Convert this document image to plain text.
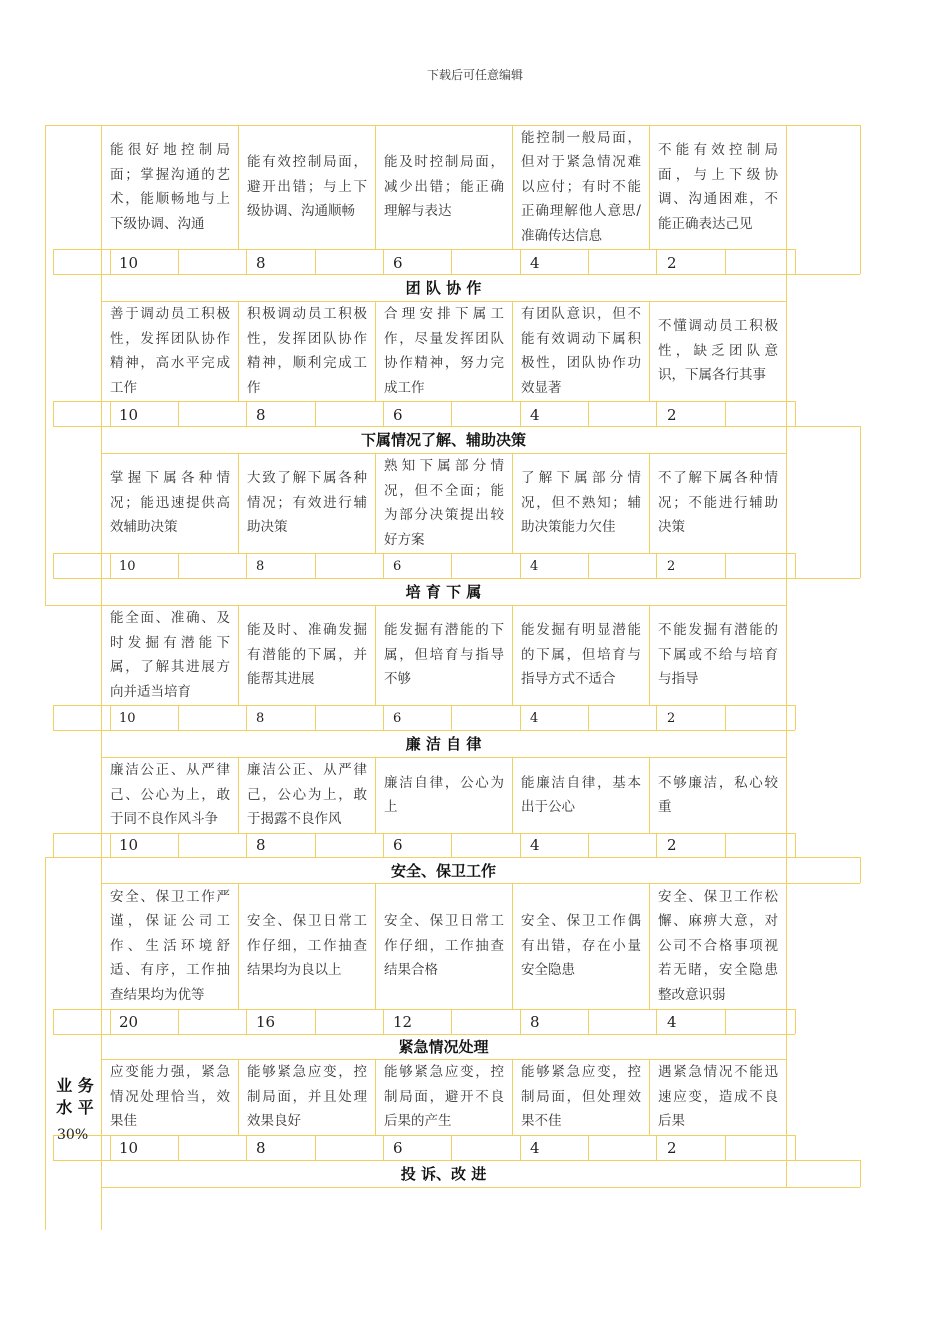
下载后可任意编辑
能很好地控制局面；掌握沟通的艺术，能顺畅地与上下级协调、沟通
能有效控制局面，避开出错；与上下级协调、沟通顺畅
能及时控制局面，减少出错；能正确理解与表达
能控制一般局面，但对于紧急情况难以应付；有时不能正确理解他人意思/准确传达信息
不能有效控制局面，与上下级协调、沟通困难，不能正确表达己见
10	8	6	4	2
团 队 协 作
善于调动员工积极性，发挥团队协作精神，高水平完成工作
积极调动员工积极性，发挥团队协作精神，顺利完成工作
合理安排下属工作，尽量发挥团队协作精神，努力完成工作
有团队意识，但不能有效调动下属积极性，团队协作功效显著
不懂调动员工积极性，缺乏团队意识，下属各行其事
10	8	6	4	2
下属情况了解、辅助决策
掌握下属各种情况；能迅速提供高效辅助决策
大致了解下属各种情况；有效进行辅助决策
熟知下属部分情况，但不全面；能为部分决策提出较好方案
了解下属部分情况，但不熟知；辅助决策能力欠佳
不了解下属各种情况；不能进行辅助决策
10	8	6	4	2
培 育 下 属
能全面、准确、及时发掘有潜能下属，了解其进展方向并适当培育
能及时、准确发掘有潜能的下属，并能帮其进展
能发掘有潜能的下属，但培育与指导不够
能发掘有明显潜能的下属，但培育与指导方式不适合
不能发掘有潜能的下属或不给与培育与指导
10	8	6	4	2
廉 洁 自 律
廉洁公正、从严律己、公心为上，敢于同不良作风斗争
廉洁公正、从严律己，公心为上，敢于揭露不良作风
廉洁自律，公心为上
能廉洁自律，基本出于公心
不够廉洁，私心较重
10	8	6	4	2
安全、保卫工作
安全、保卫工作严谨，保证公司工作、生活环境舒适、有序，工作抽查结果均为优等
安全、保卫日常工作仔细，工作抽查结果均为良以上
安全、保卫日常工作仔细，工作抽查结果合格
安全、保卫工作偶有出错，存在小量安全隐患
安全、保卫工作松懈、麻痹大意，对公司不合格事项视若无睹，安全隐患整改意识弱
20	16	12	8	4
紧急情况处理
应变能力强，紧急情况处理恰当，效果佳
能够紧急应变，控制局面，并且处理效果良好
能够紧急应变，控制局面，避开不良后果的产生
能够紧急应变，控制局面，但处理效果不佳
遇紧急情况不能迅速应变，造成不良后果
10	8	6	4	2
投 诉、改 进
业 务
水 平
30%
